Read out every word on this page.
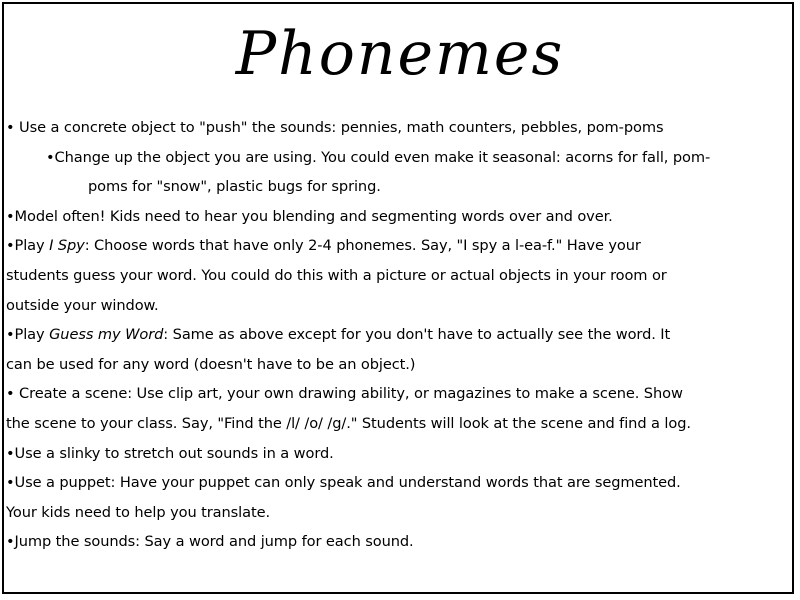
Phonemes
• Use a concrete object to "push" the sounds: pennies, math counters, pebbles, pom-poms
•Change up the object you are using. You could even make it seasonal: acorns for fall, pom-
poms for "snow", plastic bugs for spring.
•Model often! Kids need to hear you blending and segmenting words over and over.
•Play I Spy: Choose words that have only 2-4 phonemes. Say, "I spy a l-ea-f." Have your
students guess your word. You could do this with a picture or actual objects in your room or
outside your window.
•Play Guess my Word: Same as above except for you don't have to actually see the word. It
can be used for any word (doesn't have to be an object.)
• Create a scene: Use clip art, your own drawing ability, or magazines to make a scene. Show
the scene to your class. Say, "Find the /l/ /o/ /g/." Students will look at the scene and find a log.
•Use a slinky to stretch out sounds in a word.
•Use a puppet: Have your puppet can only speak and understand words that are segmented.
Your kids need to help you translate.
•Jump the sounds: Say a word and jump for each sound.
